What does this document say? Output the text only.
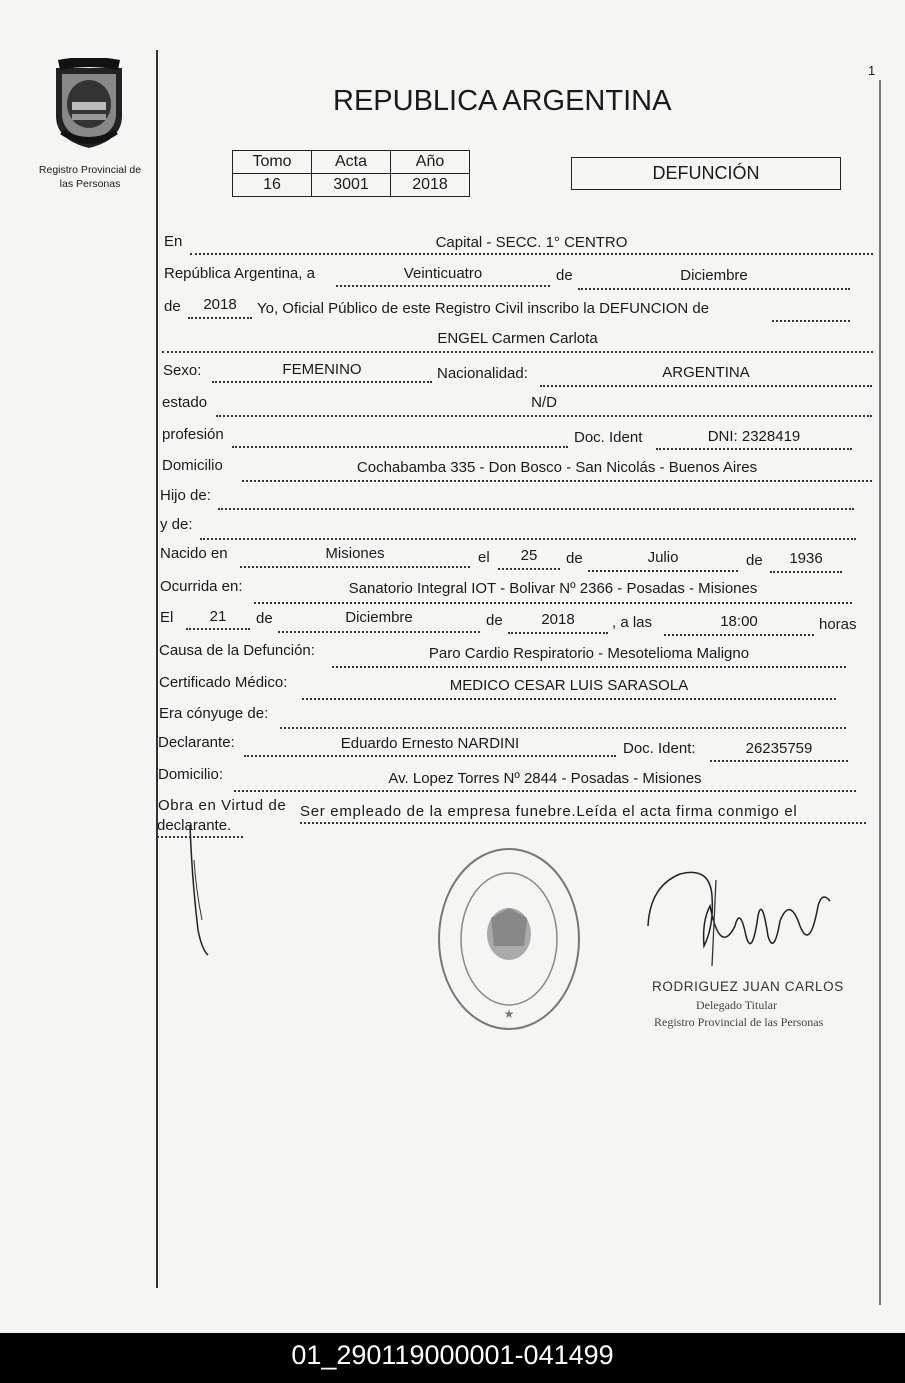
1
Registro Provincial de
las Personas
REPUBLICA ARGENTINA
Tomo	Acta	Año
16	3001	2018
DEFUNCIÓN
En	Capital - SECC. 1° CENTRO
República Argentina, a	Veinticuatro	de	Diciembre
de	2018	Yo, Oficial Público de este Registro Civil inscribo la DEFUNCION de
ENGEL Carmen Carlota
Sexo:	FEMENINO	Nacionalidad:	ARGENTINA
estado	N/D
profesión	Doc. Ident	DNI: 2328419
Domicilio	Cochabamba 335 - Don Bosco - San Nicolás - Buenos Aires
Hijo de:
y de:
Nacido en	Misiones	el	25	de	Julio	de	1936
Ocurrida en:	Sanatorio Integral IOT - Bolivar Nº 2366 - Posadas - Misiones
El	21	de	Diciembre	de	2018	, a las	18:00	horas
Causa de la Defunción:	Paro Cardio Respiratorio - Mesotelioma Maligno
Certificado Médico:	MEDICO CESAR LUIS SARASOLA
Era cónyuge de:
Declarante:	Eduardo Ernesto NARDINI	Doc. Ident:	26235759
Domicilio:	Av. Lopez Torres Nº 2844 - Posadas - Misiones
Obra en Virtud de Ser empleado de la empresa funebre.Leída el acta firma conmigo el
declarante.
★
RODRIGUEZ JUAN CARLOS
Delegado Titular
Registro Provincial de las Personas
01_290119000001-041499
